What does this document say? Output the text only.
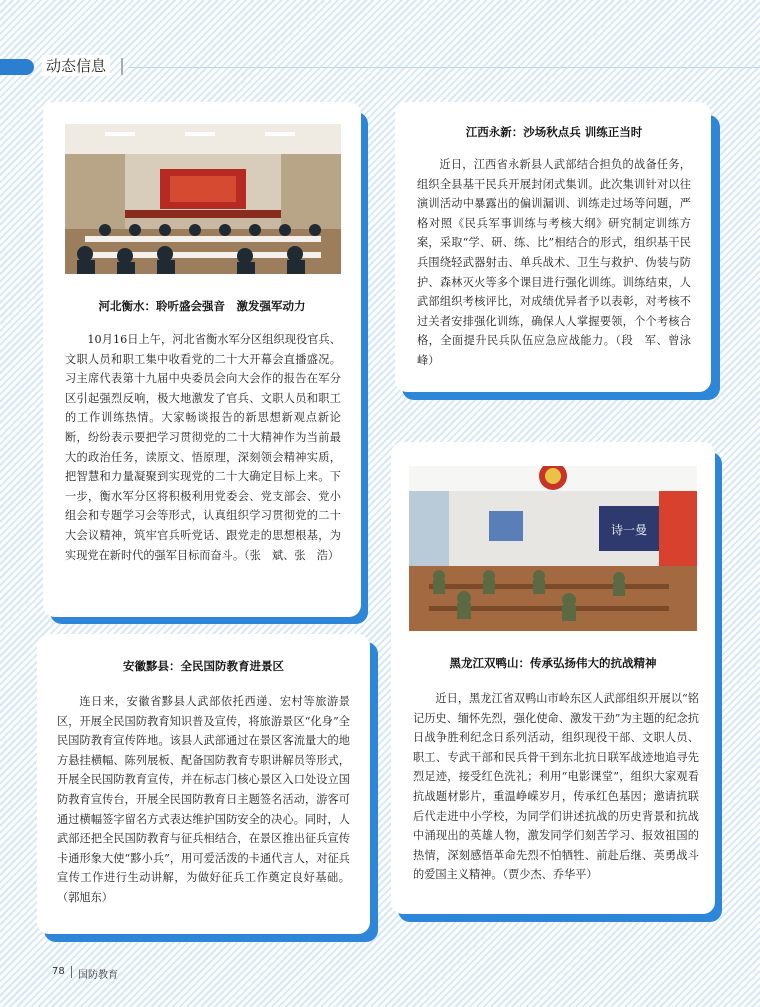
动态信息
江西永新：沙场秋点兵 训练正当时

近日，江西省永新县人武部结合担负的战备任务，组织全县基干民兵开展封闭式集训。此次集训针对以往演训活动中暴露出的偏训漏训、训练走过场等问题，严格对照《民兵军事训练与考核大纲》研究制定训练方案，采取“学、研、练、比”相结合的形式，组织基干民兵围绕轻武器射击、单兵战术、卫生与救护、伪装与防护、森林灭火等多个课目进行强化训练。训练结束，人武部组织考核评比，对成绩优异者予以表彰，对考核不过关者安排强化训练，确保人人掌握要领，个个考核合格，全面提升民兵队伍应急应战能力。（段　军、曾泳峰）

河北衡水：聆听盛会强音　激发强军动力

10月16日上午，河北省衡水军分区组织现役官兵、文职人员和职工集中收看党的二十大开幕会直播盛况。习主席代表第十九届中央委员会向大会作的报告在军分区引起强烈反响，极大地激发了官兵、文职人员和职工的工作训练热情。大家畅谈报告的新思想新观点新论断，纷纷表示要把学习贯彻党的二十大精神作为当前最大的政治任务，读原文、悟原理，深刻领会精神实质，把智慧和力量凝聚到实现党的二十大确定目标上来。下一步，衡水军分区将积极利用党委会、党支部会、党小组会和专题学习会等形式，认真组织学习贯彻党的二十大会议精神，筑牢官兵听党话、跟党走的思想根基，为实现党在新时代的强军目标而奋斗。（张　斌、张　浩）

诗一曼
黑龙江双鸭山：传承弘扬伟大的抗战精神

近日，黑龙江省双鸭山市岭东区人武部组织开展以“铭记历史、缅怀先烈，强化使命、激发干劲”为主题的纪念抗日战争胜利纪念日系列活动，组织现役干部、文职人员、职工、专武干部和民兵骨干到东北抗日联军战迹地追寻先烈足迹，接受红色洗礼；利用“电影课堂”，组织大家观看抗战题材影片，重温峥嵘岁月，传承红色基因；邀请抗联后代走进中小学校，为同学们讲述抗战的历史背景和抗战中涌现出的英雄人物，激发同学们刻苦学习、报效祖国的热情，深刻感悟革命先烈不怕牺牲、前赴后继、英勇战斗的爱国主义精神。（贾少杰、乔华平）

安徽黟县：全民国防教育进景区

连日来，安徽省黟县人武部依托西递、宏村等旅游景区，开展全民国防教育知识普及宣传，将旅游景区“化身”全民国防教育宣传阵地。该县人武部通过在景区客流量大的地方悬挂横幅、陈列展板、配备国防教育专职讲解员等形式，开展全民国防教育宣传，并在标志门核心景区入口处设立国防教育宣传台，开展全民国防教育日主题签名活动，游客可通过横幅签字留名方式表达维护国防安全的决心。同时，人武部还把全民国防教育与征兵相结合，在景区推出征兵宣传卡通形象大使“黟小兵”，用可爱活泼的卡通代言人，对征兵宣传工作进行生动讲解，为做好征兵工作奠定良好基础。（郭旭东）

78 国防教育
